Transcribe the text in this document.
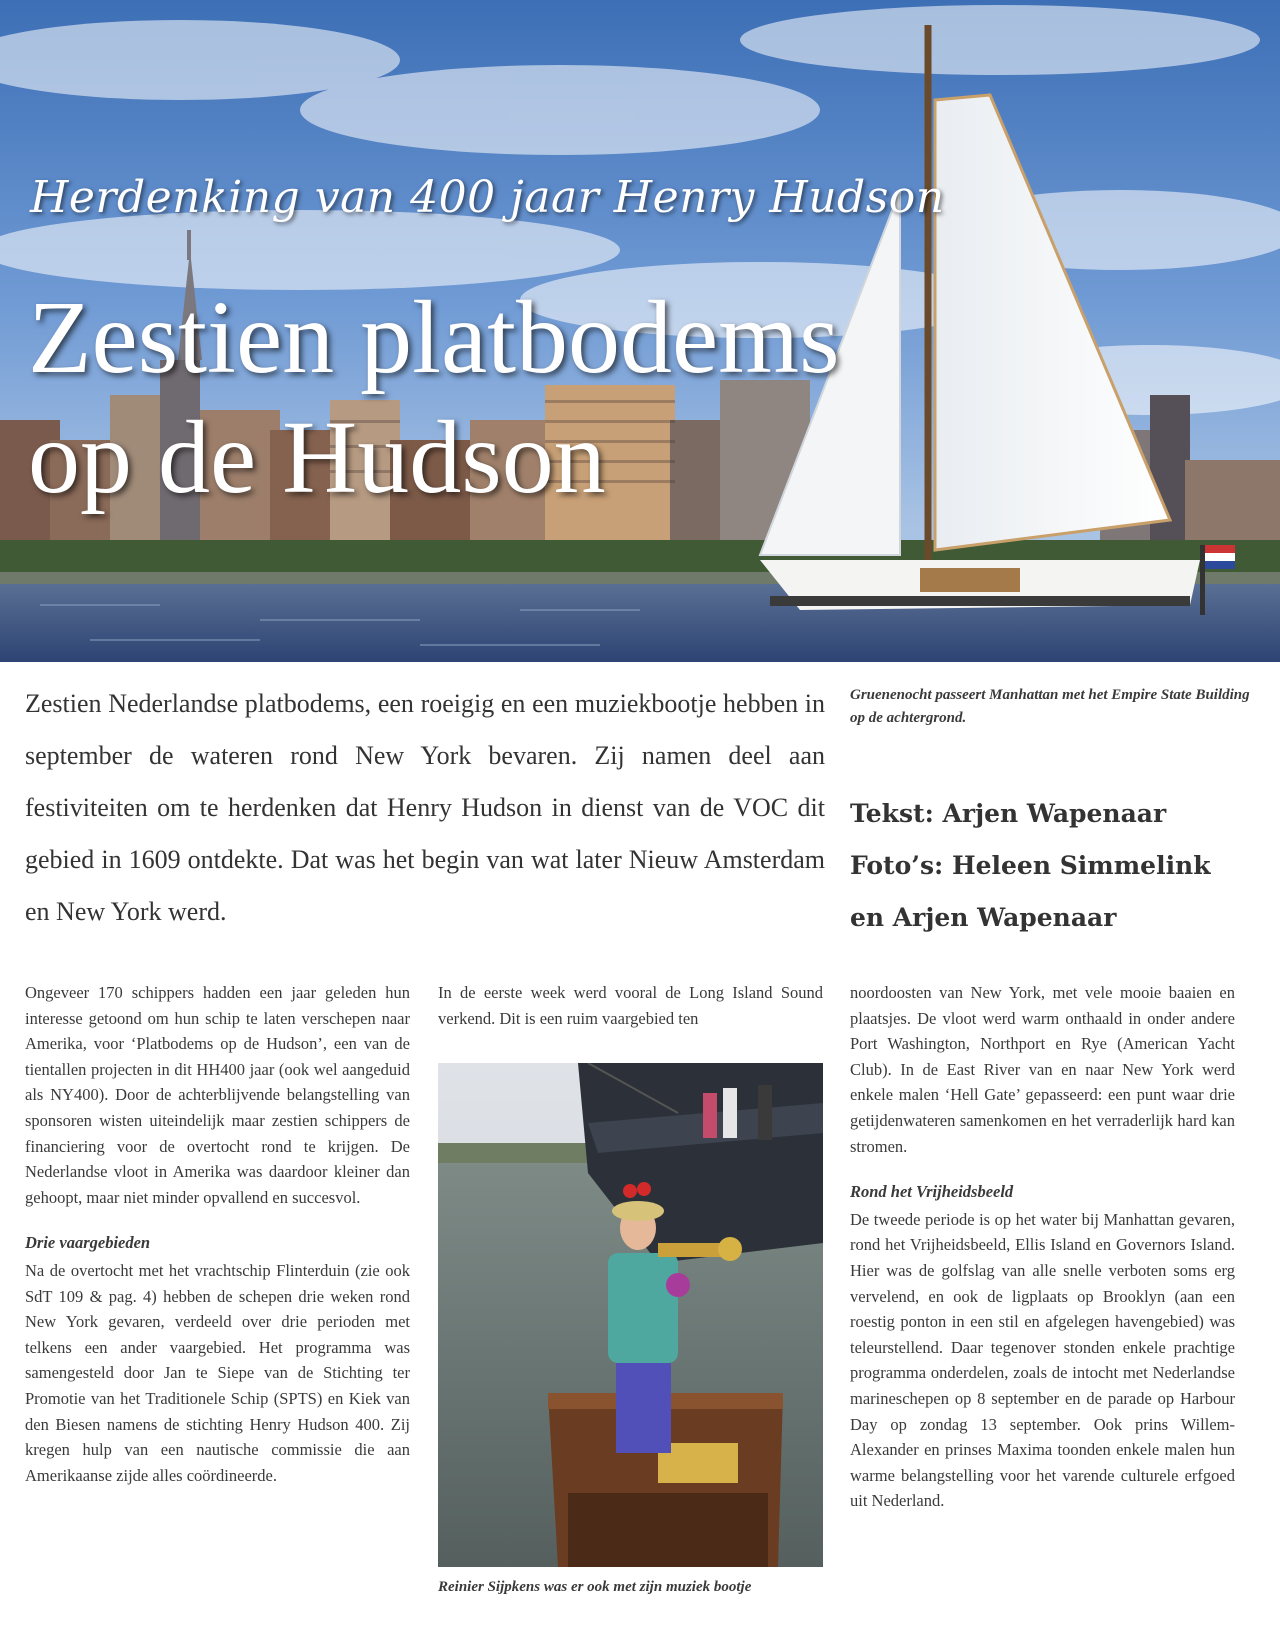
Herdenking van 400 jaar Henry Hudson
Zestien platbodems
op de Hudson

Zestien Nederlandse platbodems, een roeigig en een muziekbootje hebben in september de wateren rond New York bevaren. Zij namen deel aan festiviteiten om te herdenken dat Henry Hudson in dienst van de VOC dit gebied in 1609 ontdekte. Dat was het begin van wat later Nieuw Amsterdam en New York werd.

Gruenenocht passeert Manhattan met het Empire State Building op de achtergrond.

Tekst: Arjen Wapenaar

Foto’s: Heleen Simmelink

en Arjen Wapenaar

Ongeveer 170 schippers hadden een jaar geleden hun interesse getoond om hun schip te laten verschepen naar Amerika, voor ‘Platbodems op de Hudson’, een van de tientallen projecten in dit HH400 jaar (ook wel aangeduid als NY400). Door de achterblijvende belangstelling van sponsoren wisten uiteindelijk maar zestien schippers de financiering voor de overtocht rond te krijgen. De Nederlandse vloot in Amerika was daardoor kleiner dan gehoopt, maar niet minder opvallend en succesvol.

Drie vaargebieden

Na de overtocht met het vrachtschip Flinterduin (zie ook SdT 109 & pag. 4) hebben de schepen drie weken rond New York gevaren, verdeeld over drie perioden met telkens een ander vaargebied. Het programma was samengesteld door Jan te Siepe van de Stichting ter Promotie van het Traditionele Schip (SPTS) en Kiek van den Biesen namens de stichting Henry Hudson 400. Zij kregen hulp van een nautische commissie die aan Amerikaanse zijde alles coördineerde.

In de eerste week werd vooral de Long Island Sound verkend. Dit is een ruim vaargebied ten

Reinier Sijpkens was er ook met zijn muziek bootje

noordoosten van New York, met vele mooie baaien en plaatsjes. De vloot werd warm onthaald in onder andere Port Washington, Northport en Rye (American Yacht Club). In de East River van en naar New York werd enkele malen ‘Hell Gate’ gepasseerd: een punt waar drie getijdenwateren samenkomen en het verraderlijk hard kan stromen.

Rond het Vrijheidsbeeld

De tweede periode is op het water bij Manhattan gevaren, rond het Vrijheidsbeeld, Ellis Island en Governors Island. Hier was de golfslag van alle snelle verboten soms erg vervelend, en ook de ligplaats op Brooklyn (aan een roestig ponton in een stil en afgelegen havengebied) was teleurstellend. Daar tegenover stonden enkele prachtige programma onderdelen, zoals de intocht met Nederlandse marineschepen op 8 september en de parade op Harbour Day op zondag 13 september. Ook prins Willem-Alexander en prinses Maxima toonden enkele malen hun warme belangstelling voor het varende culturele erfgoed uit Nederland.
